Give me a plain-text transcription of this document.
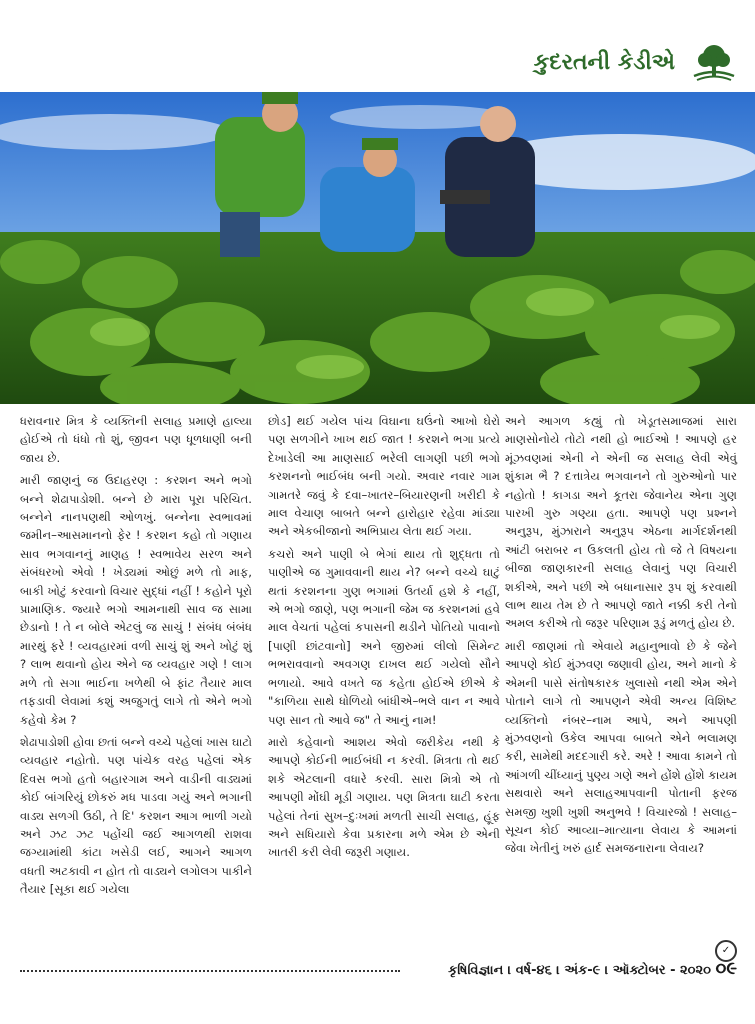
કુદરતની કેડીએ

ધરાવનાર મિત્ર કે વ્યક્તિની સલાહ પ્રમાણે હાલ્યા હોઈએ તો ધંધો તો શું, જીવન પણ ધૂળધાણી બની જાય છે.

મારી જાણનું જ ઉદાહરણ : કરશન અને ભગો બન્ને શેઢાપાડોશી. બન્ને છે મારા પૂરા પરિચિત. બન્નેને નાનપણથી ઓળખું. બન્નેના સ્વભાવમાં જમીન–આસમાનનો ફેર ! કરશન કહો તો ગણાય સાવ ભગવાનનું માણહ ! સ્વભાવેય સરળ અને સંબંધરખો એવો ! ખેડ્યમાં ઓછું મળે તો માફ, બાકી ખોટું કરવાનો વિચાર સુદ્ધાં નહીં ! કહોને પૂરો પ્રામાણિક. જ્યારે ભગો આમનાથી સાવ જ સામા છેડાનો ! તે ન બોલે એટલું જ સાચું ! સંબંધ બંબંધ મારથું ફરે ! વ્યવહારમાં વળી સાચું શું અને ખોટું શું ? લાભ થવાનો હોય એને જ વ્યવહાર ગણે ! લાગ મળે તો સગા ભાઈના ખળેથી બે ફાંટ તૈયાર માલ તફડાવી લેવામાં કશું અજુગતું લાગે તો એને ભગો કહેવો કેમ ?

શેઢાપાડોશી હોવા છતાં બન્ને વચ્ચે પહેલાં ખાસ ઘાટો વ્યવહાર નહોતો. પણ પાંચેક વરહ પહેલાં એક દિવસ ભગો હતો બહારગામ અને વાડીની વાડ્યમાં કોઈ બાંગરિયું છોકરું મધ પાડવા ગયું અને ભગાની વાડ્ય સળગી ઉઠી, તે દિ' કરશન આગ ભાળી ગયો અને ઝટ ઝટ પહોંચી જઈ આગળથી રાશવા જગ્યામાંથી કાંટા ખસેડી લઈ, આગને આગળ વધતી અટકાવી ન હોત તો વાડ્યને લગોલગ પાકીને તૈયાર [સૂકા થઈ ગયેલા

છોડ] થઈ ગયેલ પાંચ વિઘાના ઘઉંનો આખો ઘેરો પણ સળગીને ખાખ થઈ જાત ! કરશને ભગા પ્રત્યે દેખાડેલી આ માણસાઈ ભરેલી લાગણી પછી ભગો કરશનનો ભાઈબંધ બની ગયો. અવાર નવાર ગામ ગામતરે જવું કે દવા–ખાતર–બિયારણની ખરીદી કે માલ વેચાણ બાબતે બન્ને હારોહાર રહેવા માંડ્યા અને એકબીજાનો અભિપ્રાય લેતા થઈ ગયા.

કચરો અને પાણી બે ભેગાં થાય તો શુદ્ધતા તો પાણીએ જ ગુમાવવાની થાય ને? બન્ને વચ્ચે ઘાટું થતાં કરશનના ગુણ ભગામાં ઉતર્યા હશે કે નહીં, એ ભગો જાણે, પણ ભગાની જેમ જ કરશનમાં હવે માલ વેચતાં પહેલાં કપાસની થડીને પોતિયો પાવાનો [પાણી છાંટવાનો] અને જીરુમાં લીલો સિમેન્ટ ભભરાવવાનો અવગણ દાખલ થઈ ગયેલો સૌને ભળાયો. આવે વખતે જ કહેતા હોઈએ છીએ કે "કાળિયા સાથે ધોળિયો બાંધીએ–ભલે વાન ન આવે પણ સાન તો આવે જ" તે આનું નામ!

મારો કહેવાનો આશય એવો જરીકેય નથી કે આપણે કોઈની ભાઈબંધી ન કરવી. મિત્રતા તો થઈ શકે એટલાની વધારે કરવી. સારા મિત્રો એ તો આપણી મોંઘી મૂડી ગણાય. પણ મિત્રતા ઘાટી કરતા પહેલાં તેનાં સુખ–દુઃખમાં મળતી સાચી સલાહ, હૂંફ અને સધિયારો કેવા પ્રકારના મળે એમ છે એની ખાતરી કરી લેવી જરૂરી ગણાય.

અને આગળ કહ્યું તો ખેડૂતસમાજમાં સારા માણસોનોયે તોટો નથી હો ભાઈઓ ! આપણે હર મૂંઝવણમાં એની ને એની જ સલાહ લેવી એવું શુંકામ ભૈ ? દત્તાત્રેય ભગવાનને તો ગુરુઓનો પાર નહોતો ! કાગડા અને કૂતરા જેવાનેય એના ગુણ પારખી ગુરુ ગણ્યા હતા. આપણે પણ પ્રશ્નને અનુરૂપ, મુંઝારાને અનુરૂપ એઠના માર્ગદર્શનથી આંટી બરાબર ન ઉકલતી હોય તો જે તે વિષયના બીજા જાણકારની સલાહ લેવાનું પણ વિચારી શકીએ, અને પછી એ બધાનાસાર રૂપ શું કરવાથી લાભ થાય તેમ છે તે આપણે જાતે નક્કી કરી તેનો અમલ કરીએ તો જરૂર પરિણામ રૂડું મળતું હોય છે.

મારી જાણમાં તો એવાયે મહાનુભાવો છે કે જેને આપણે કોઈ મુંઝવણ જણાવી હોય, અને માનો કે એમની પાસે સંતોષકારક ખુલાસો નથી એમ એને પોતાને લાગે તો આપણને એવી અન્ય વિશિષ્ટ વ્યક્તિનો નંબર–નામ આપે, અને આપણી મુંઝવણનો ઉકેલ આપવા બાબતે એને ભલામણ કરી, સામેથી મદદગારી કરે. અરે ! આવા કામને તો આંગળી ચીંધ્યાનું પુણ્ય ગણે અને હોંશે હોંશે કાયમ સથવારો અને સલાહઆપવાની પોતાની ફરજ સમજી ખુશી ખુશી અનુભવે ! વિચારજો ! સલાહ–સૂચન કોઈ આવ્યા–માત્યાના લેવાય કે આમનાં જેવા ખેતીનું ખરું હાર્દ સમજનારાના લેવાય?

✓
કૃષિવિજ્ઞાન । વર્ષ-૪૬ । અંક-૯ । ઑક્ટોબર - ૨૦૨૦ ૦૯
